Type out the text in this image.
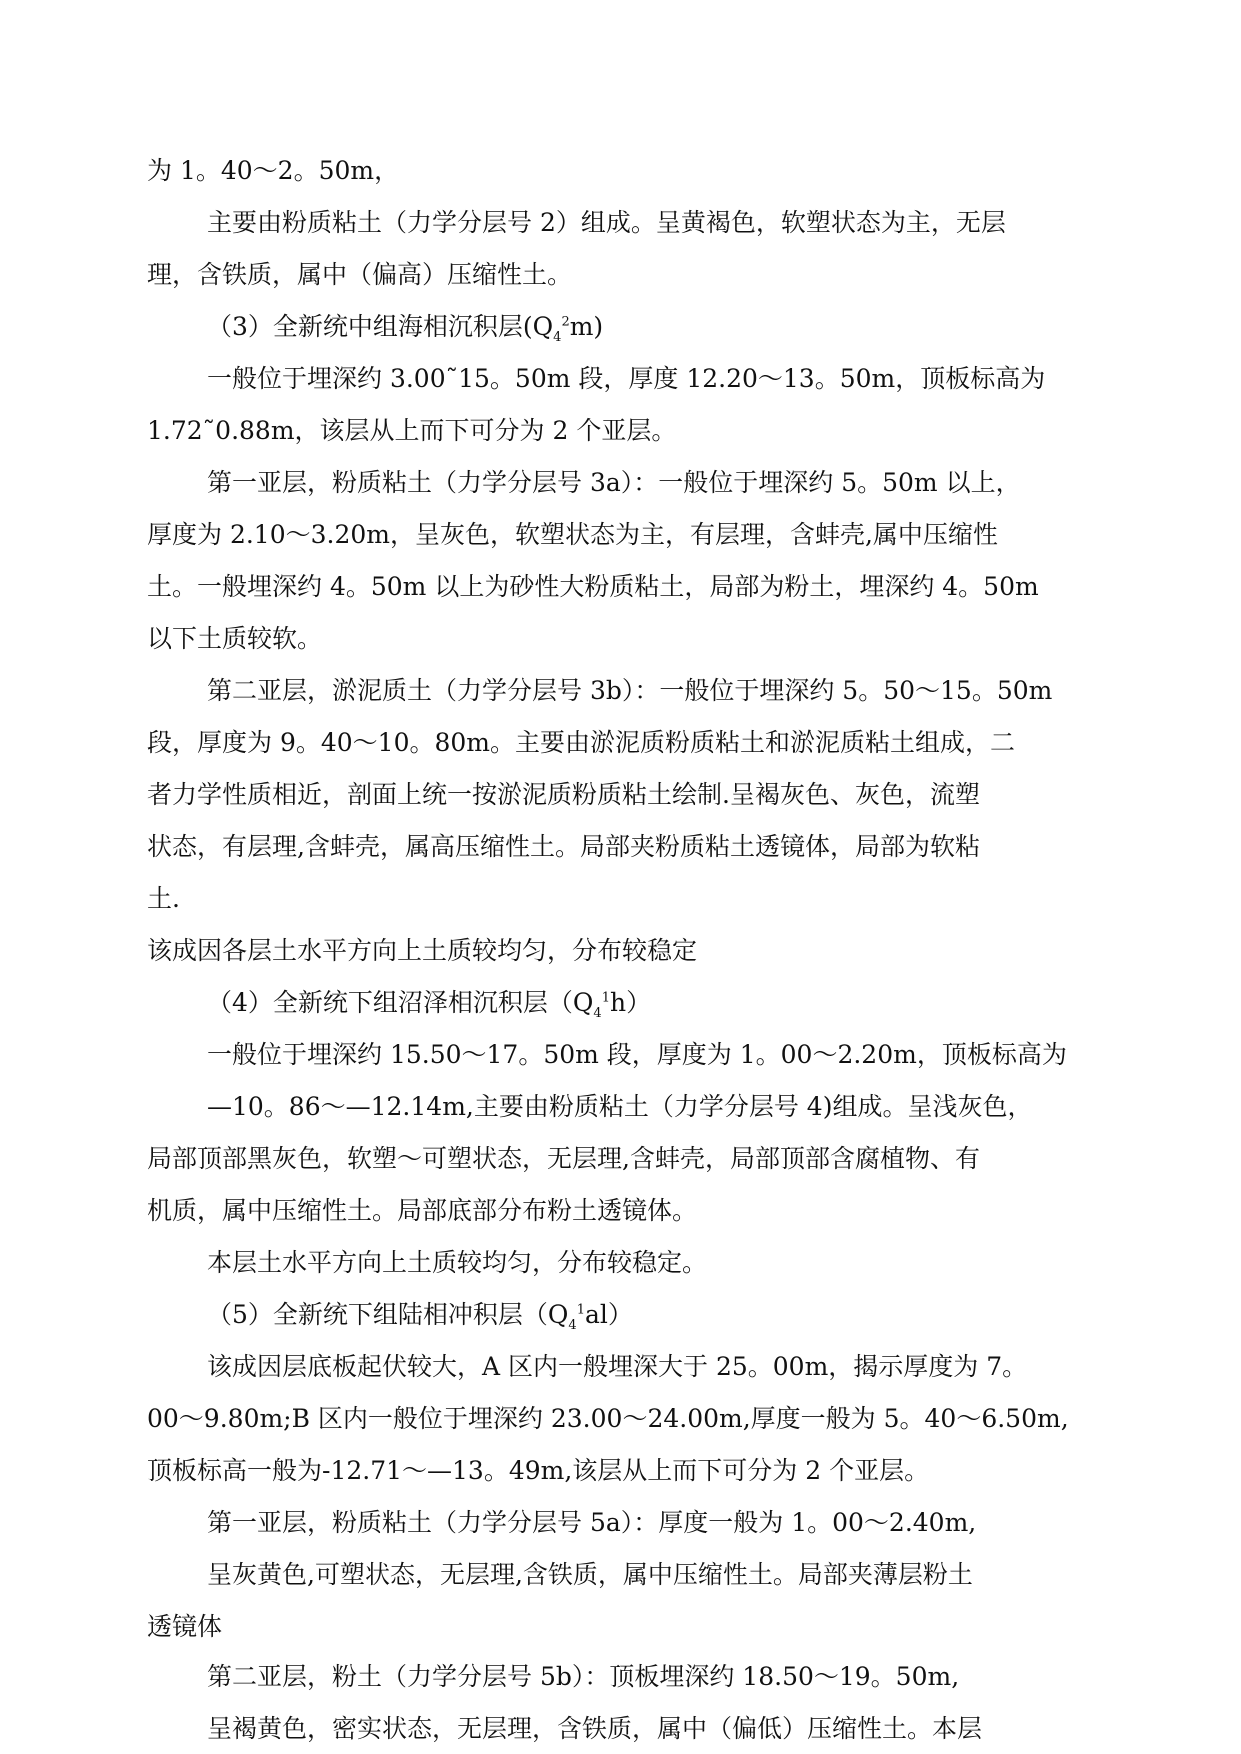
为 1。40～2。50m，
主要由粉质粘土（力学分层号 2）组成。呈黄褐色，软塑状态为主，无层
理，含铁质，属中（偏高）压缩性土。
（3）全新统中组海相沉积层$(Q_4^2m)$
一般位于埋深约 3.00˜15。50m 段，厚度 12.20～13。50m，顶板标高为
1.72˜0.88m，该层从上而下可分为 2 个亚层。
第一亚层，粉质粘土（力学分层号 3a）：一般位于埋深约 5。50m 以上，
厚度为 2.10～3.20m，呈灰色，软塑状态为主，有层理，含蚌壳,属中压缩性
土。一般埋深约 4。50m 以上为砂性大粉质粘土，局部为粉土，埋深约 4。50m
以下土质较软。
第二亚层，淤泥质土（力学分层号 3b）：一般位于埋深约 5。50～15。50m
段，厚度为 9。40～10。80m。主要由淤泥质粉质粘土和淤泥质粘土组成，二
者力学性质相近，剖面上统一按淤泥质粉质粘土绘制.呈褐灰色、灰色，流塑
状态，有层理,含蚌壳，属高压缩性土。局部夹粉质粘土透镜体，局部为软粘
土.
该成因各层土水平方向上土质较均匀，分布较稳定
（4）全新统下组沼泽相沉积层$(Q_4^1h)$
一般位于埋深约 15.50～17。50m 段，厚度为 1。00～2.20m，顶板标高为
—10。86～—12.14m,主要由粉质粘土（力学分层号 4)组成。呈浅灰色，
局部顶部黑灰色，软塑～可塑状态，无层理,含蚌壳，局部顶部含腐植物、有
机质，属中压缩性土。局部底部分布粉土透镜体。
本层土水平方向上土质较均匀，分布较稳定。
（5）全新统下组陆相冲积层$(Q_4^1al)$
该成因层底板起伏较大，A 区内一般埋深大于 25。00m，揭示厚度为 7。
00～9.80m;B 区内一般位于埋深约 23.00～24.00m,厚度一般为 5。40～6.50m,
顶板标高一般为-12.71～—13。49m,该层从上而下可分为 2 个亚层。
第一亚层，粉质粘土（力学分层号 5a）：厚度一般为 1。00～2.40m,
呈灰黄色,可塑状态，无层理,含铁质，属中压缩性土。局部夹薄层粉土
透镜体
第二亚层，粉土（力学分层号 5b）：顶板埋深约 18.50～19。50m,
呈褐黄色，密实状态，无层理，含铁质，属中（偏低）压缩性土。本层
